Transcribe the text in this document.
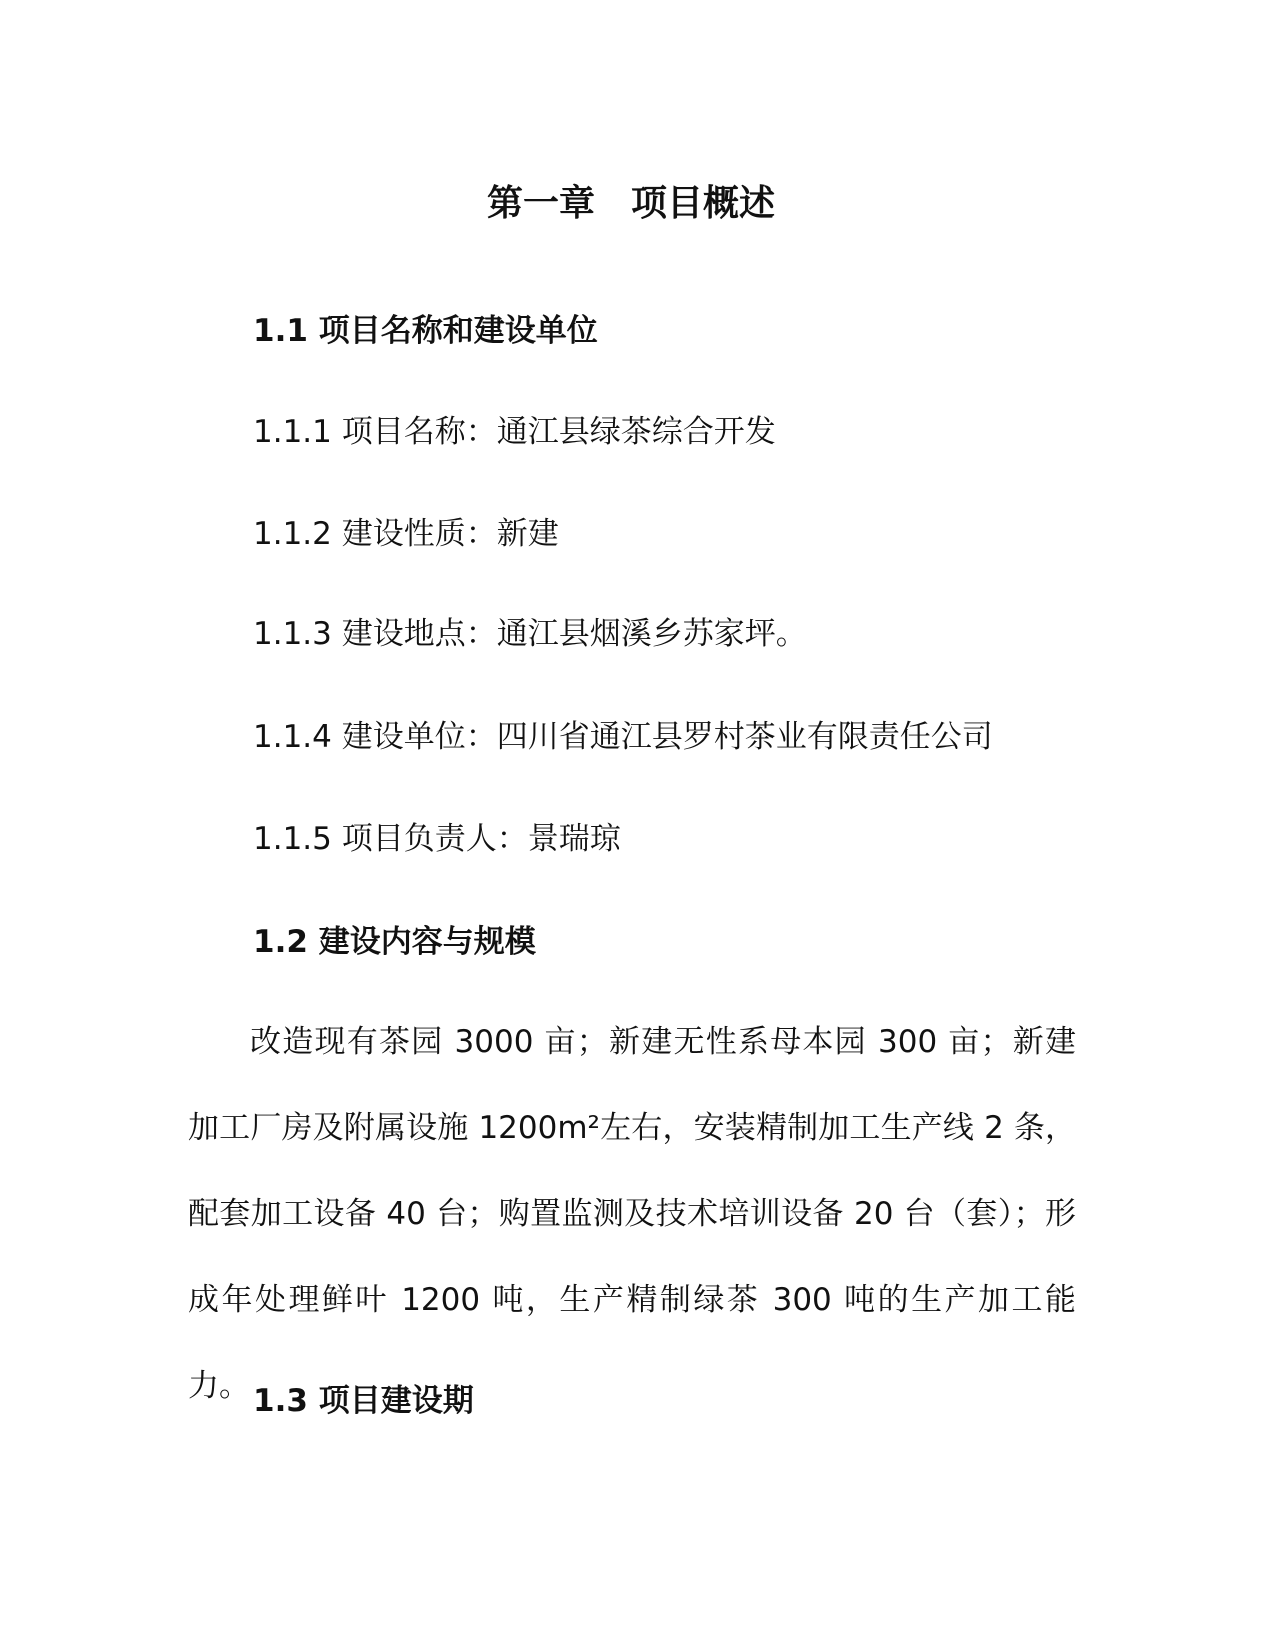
第一章　项目概述
1.1 项目名称和建设单位
1.1.1 项目名称：通江县绿茶综合开发
1.1.2 建设性质：新建
1.1.3 建设地点：通江县烟溪乡苏家坪。
1.1.4 建设单位：四川省通江县罗村茶业有限责任公司
1.1.5 项目负责人：景瑞琼
1.2 建设内容与规模

改造现有茶园 3000 亩；新建无性系母本园 300 亩；新建加工厂房及附属设施 1200m²左右，安装精制加工生产线 2 条，配套加工设备 40 台；购置监测及技术培训设备 20 台（套）；形成年处理鲜叶 1200 吨，生产精制绿茶 300 吨的生产加工能力。 1.3 项目建设期
